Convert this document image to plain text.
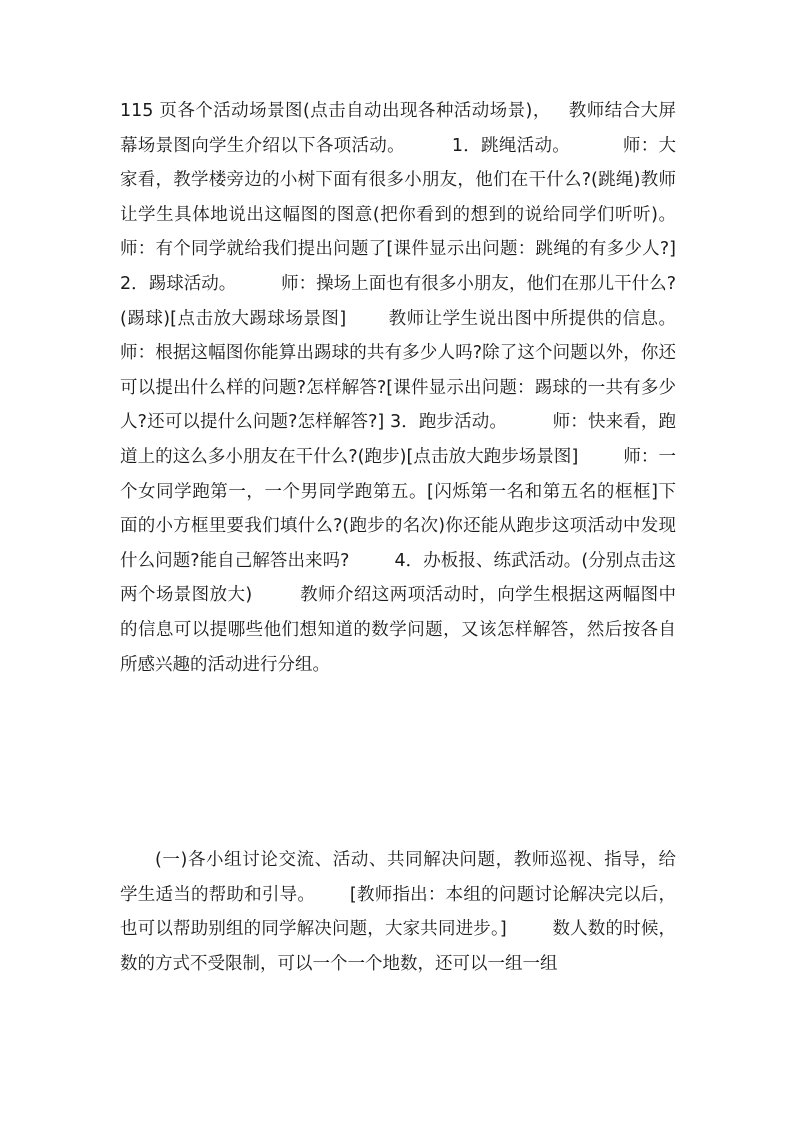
115 页各个活动场景图(点击自动出现各种活动场景)，   教师结合大屏幕场景图向学生介绍以下各项活动。        1．跳绳活动。         师：大家看，教学楼旁边的小树下面有很多小朋友，他们在干什么?(跳绳)教师让学生具体地说出这幅图的图意(把你看到的想到的说给同学们听听)。  师：有个同学就给我们提出问题了[课件显示出问题：跳绳的有多少人?]        2．踢球活动。        师：操场上面也有很多小朋友，他们在那儿干什么?(踢球)[点击放大踢球场景图]       教师让学生说出图中所提供的信息。  师：根据这幅图你能算出踢球的共有多少人吗?除了这个问题以外，你还可以提出什么样的问题?怎样解答?[课件显示出问题：踢球的一共有多少人?还可以提什么问题?怎样解答?] 3．跑步活动。        师：快来看，跑道上的这么多小朋友在干什么?(跑步)[点击放大跑步场景图]        师：一个女同学跑第一，一个男同学跑第五。[闪烁第一名和第五名的框框]下面的小方框里要我们填什么?(跑步的名次)你还能从跑步这项活动中发现什么问题?能自己解答出来吗?        4．办板报、练武活动。(分别点击这两个场景图放大)        教师介绍这两项活动时，向学生根据这两幅图中的信息可以提哪些他们想知道的数学问题，又该怎样解答，然后按各自所感兴趣的活动进行分组。
(一)各小组讨论交流、活动、共同解决问题，教师巡视、指导，给学生适当的帮助和引导。      [教师指出：本组的问题讨论解决完以后，也可以帮助别组的同学解决问题，大家共同进步。]        数人数的时候，数的方式不受限制，可以一个一个地数，还可以一组一组
